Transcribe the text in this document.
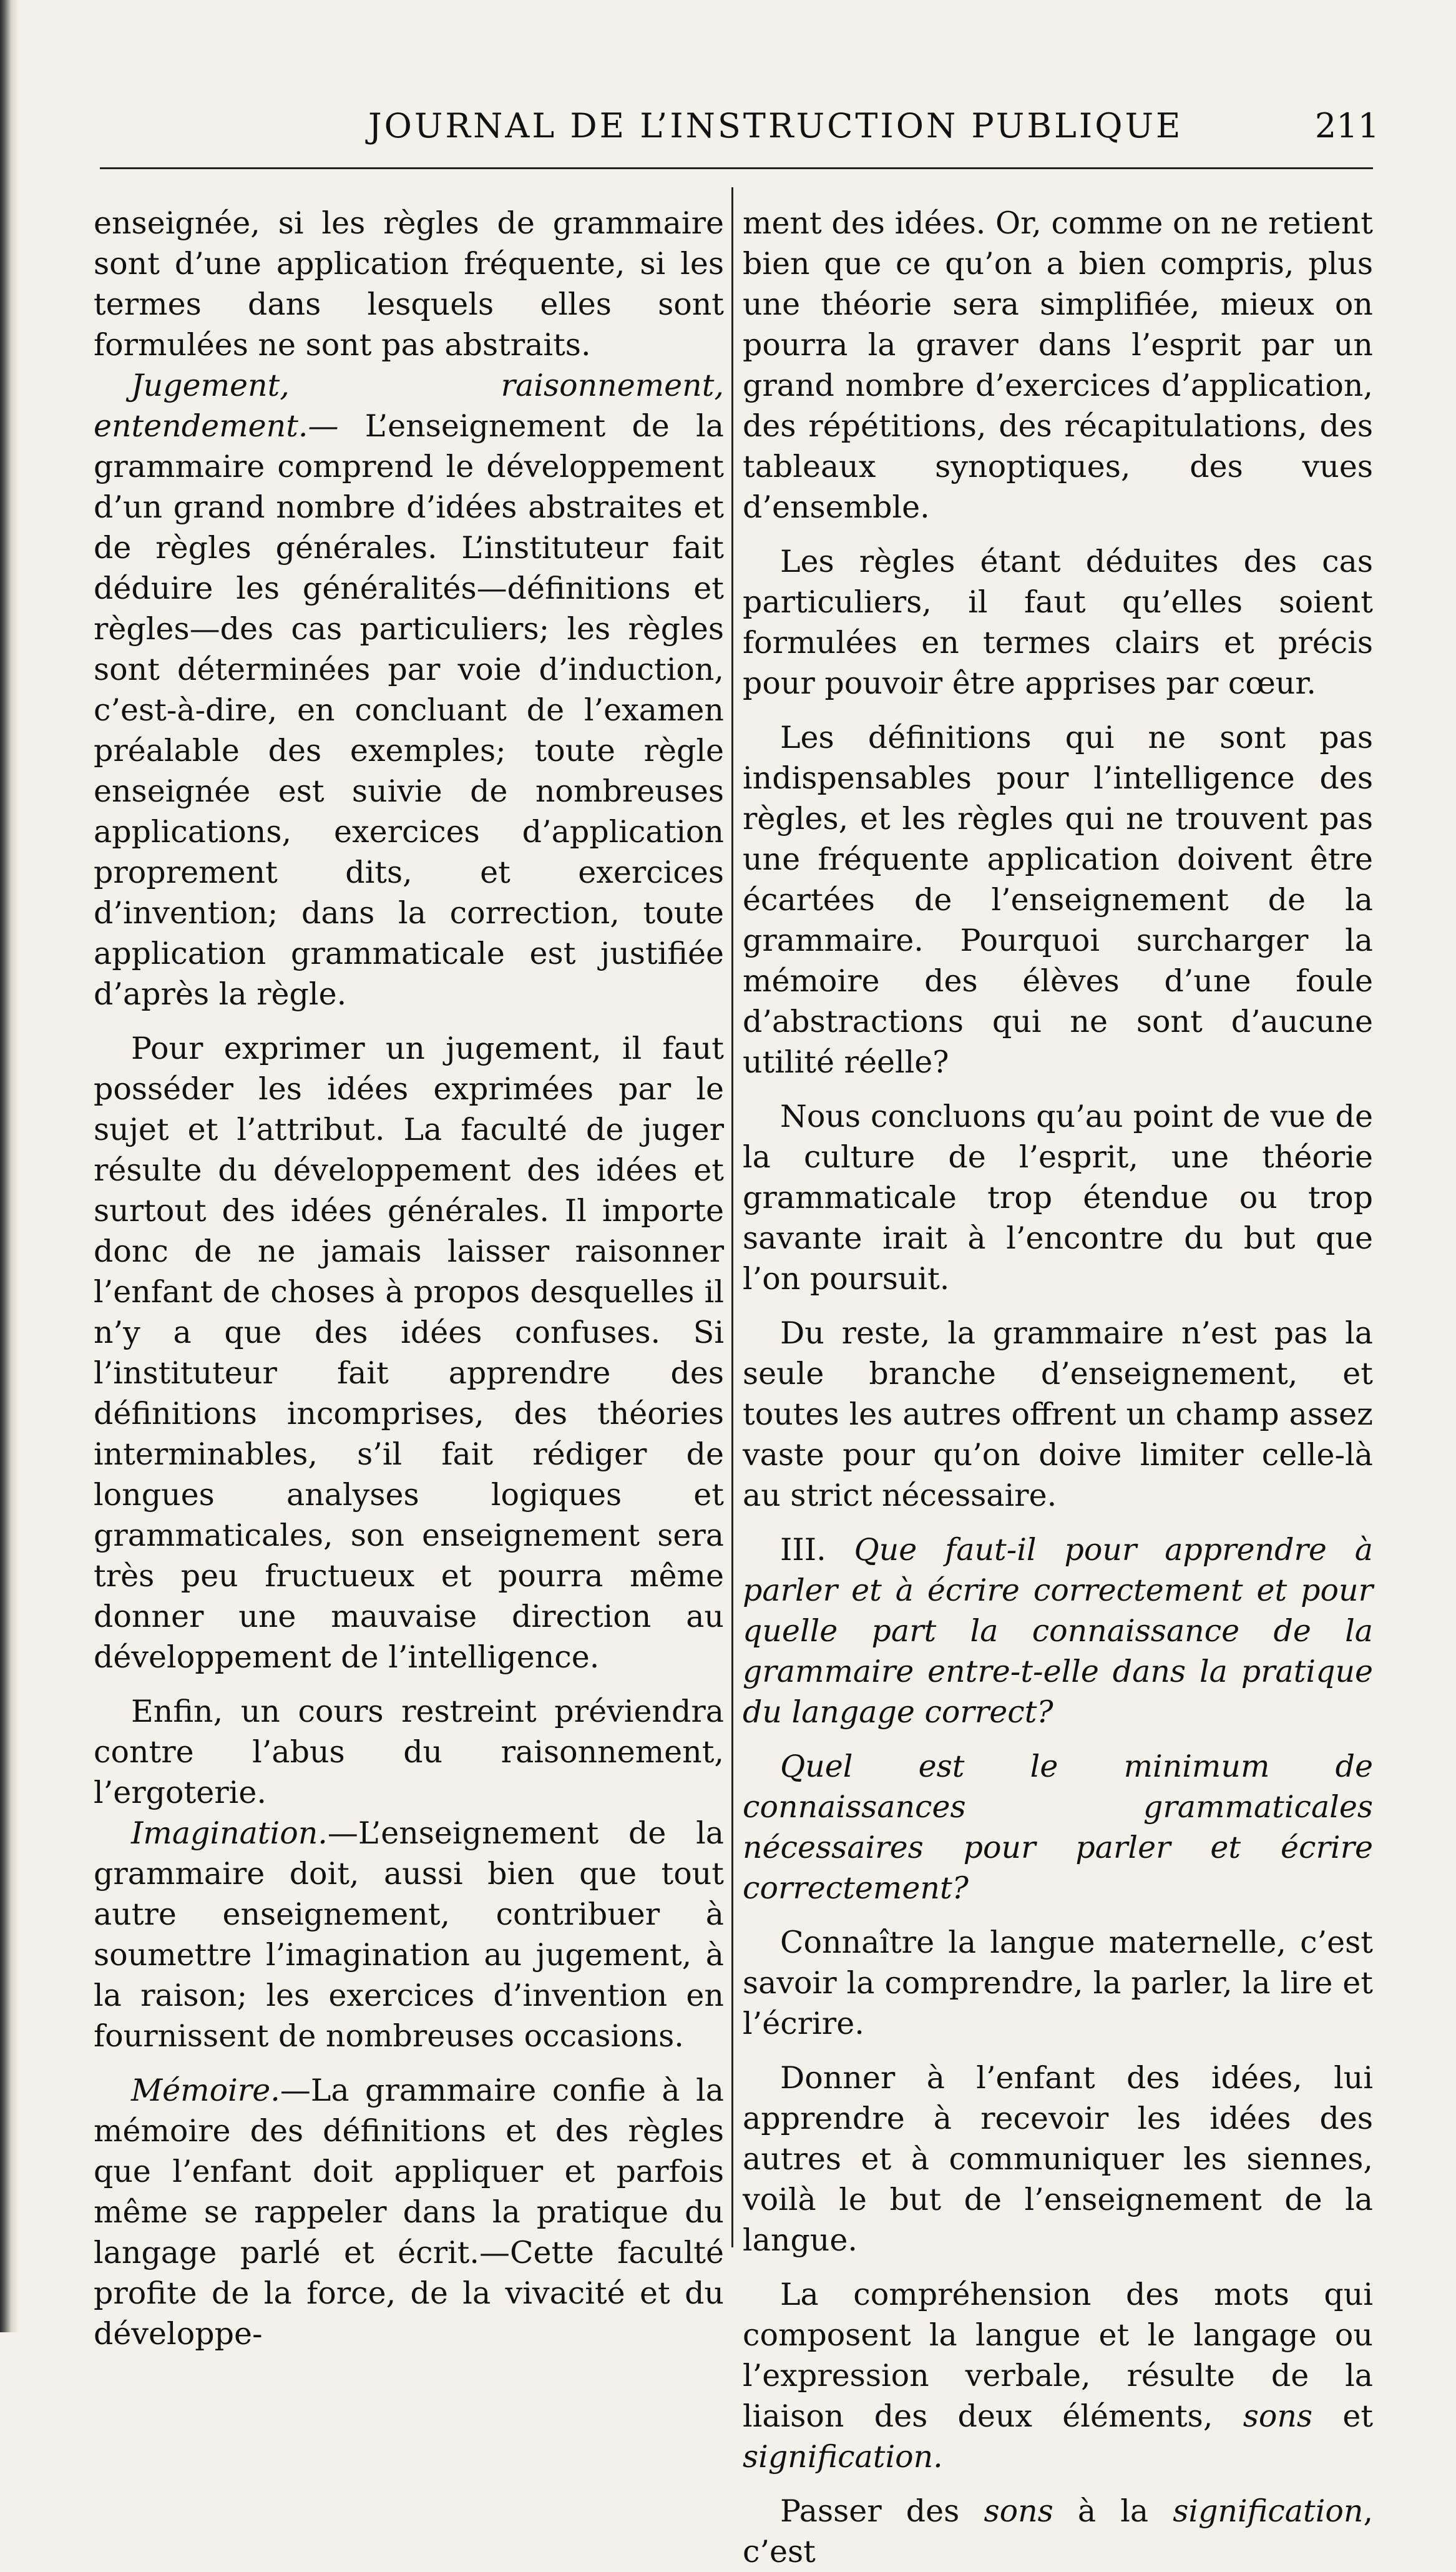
JOURNAL DE L’INSTRUCTION PUBLIQUE	211

enseignée, si les règles de grammaire sont d’une application fréquente, si les termes dans lesquels elles sont formulées ne sont pas abstraits.

Jugement, raisonnement, entendement.— L’enseignement de la grammaire comprend le développement d’un grand nombre d’idées abstraites et de règles générales. L’instituteur fait déduire les généralités—définitions et règles—des cas particuliers; les règles sont déterminées par voie d’induction, c’est-à-dire, en concluant de l’examen préalable des exemples; toute règle enseignée est suivie de nombreuses applications, exercices d’application proprement dits, et exercices d’invention; dans la correction, toute application grammaticale est justifiée d’après la règle.

Pour exprimer un jugement, il faut posséder les idées exprimées par le sujet et l’attribut. La faculté de juger résulte du développement des idées et surtout des idées générales. Il importe donc de ne jamais laisser raisonner l’enfant de choses à propos desquelles il n’y a que des idées confuses. Si l’instituteur fait apprendre des définitions incomprises, des théories interminables, s’il fait rédiger de longues analyses logiques et grammaticales, son enseignement sera très peu fructueux et pourra même donner une mauvaise direction au développement de l’intelligence.

Enfin, un cours restreint préviendra contre l’abus du raisonnement, l’ergoterie.

Imagination.—L’enseignement de la grammaire doit, aussi bien que tout autre enseignement, contribuer à soumettre l’imagination au jugement, à la raison; les exercices d’invention en fournissent de nombreuses occasions.

Mémoire.—La grammaire confie à la mémoire des définitions et des règles que l’enfant doit appliquer et parfois même se rappeler dans la pratique du langage parlé et écrit.—Cette faculté profite de la force, de la vivacité et du développe-

ment des idées. Or, comme on ne retient bien que ce qu’on a bien compris, plus une théorie sera simplifiée, mieux on pourra la graver dans l’esprit par un grand nombre d’exercices d’application, des répétitions, des récapitulations, des tableaux synoptiques, des vues d’ensemble.

Les règles étant déduites des cas particuliers, il faut qu’elles soient formulées en termes clairs et précis pour pouvoir être apprises par cœur.

Les définitions qui ne sont pas indispensables pour l’intelligence des règles, et les règles qui ne trouvent pas une fréquente application doivent être écartées de l’enseignement de la grammaire. Pourquoi surcharger la mémoire des élèves d’une foule d’abstractions qui ne sont d’aucune utilité réelle?

Nous concluons qu’au point de vue de la culture de l’esprit, une théorie grammaticale trop étendue ou trop savante irait à l’encontre du but que l’on poursuit.

Du reste, la grammaire n’est pas la seule branche d’enseignement, et toutes les autres offrent un champ assez vaste pour qu’on doive limiter celle-là au strict nécessaire.

III. Que faut-il pour apprendre à parler et à écrire correctement et pour quelle part la connaissance de la grammaire entre-t-elle dans la pratique du langage correct?

Quel est le minimum de connaissances grammaticales nécessaires pour parler et écrire correctement?

Connaître la langue maternelle, c’est savoir la comprendre, la parler, la lire et l’écrire.

Donner à l’enfant des idées, lui apprendre à recevoir les idées des autres et à communiquer les siennes, voilà le but de l’enseignement de la langue.

La compréhension des mots qui composent la langue et le langage ou l’expression verbale, résulte de la liaison des deux éléments, sons et signification.

Passer des sons à la signification, c’est
